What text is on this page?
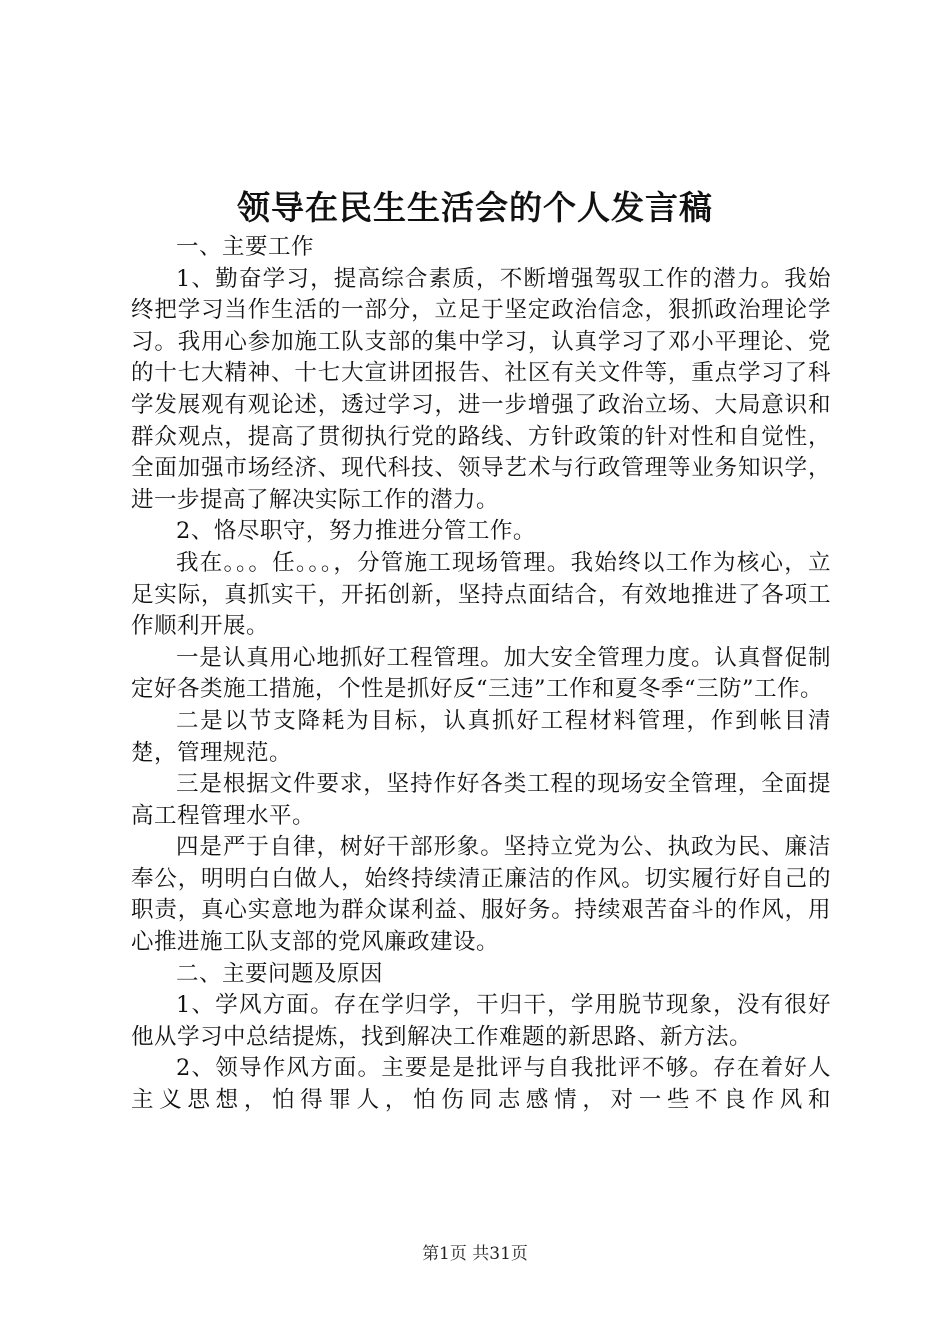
领导在民生生活会的个人发言稿

一、主要工作

1、勤奋学习，提高综合素质，不断增强驾驭工作的潜力。我始终把学习当作生活的一部分，立足于坚定政治信念，狠抓政治理论学习。我用心参加施工队支部的集中学习，认真学习了邓小平理论、党的十七大精神、十七大宣讲团报告、社区有关文件等，重点学习了科学发展观有观论述，透过学习，进一步增强了政治立场、大局意识和群众观点，提高了贯彻执行党的路线、方针政策的针对性和自觉性，全面加强市场经济、现代科技、领导艺术与行政管理等业务知识学，进一步提高了解决实际工作的潜力。

2、恪尽职守，努力推进分管工作。

我在。。。任。。。，分管施工现场管理。我始终以工作为核心，立足实际，真抓实干，开拓创新，坚持点面结合，有效地推进了各项工作顺利开展。

一是认真用心地抓好工程管理。加大安全管理力度。认真督促制定好各类施工措施，个性是抓好反“三违”工作和夏冬季“三防”工作。

二是以节支降耗为目标，认真抓好工程材料管理，作到帐目清楚，管理规范。

三是根据文件要求，坚持作好各类工程的现场安全管理，全面提高工程管理水平。

四是严于自律，树好干部形象。坚持立党为公、执政为民、廉洁奉公，明明白白做人，始终持续清正廉洁的作风。切实履行好自己的职责，真心实意地为群众谋利益、服好务。持续艰苦奋斗的作风，用心推进施工队支部的党风廉政建设。

二、主要问题及原因

1、学风方面。存在学归学，干归干，学用脱节现象，没有很好他从学习中总结提炼，找到解决工作难题的新思路、新方法。

2、领导作风方面。主要是是批评与自我批评不够。存在着好人主义思想，怕得罪人，怕伤同志感情，对一些不良作风和

第1页 共31页
